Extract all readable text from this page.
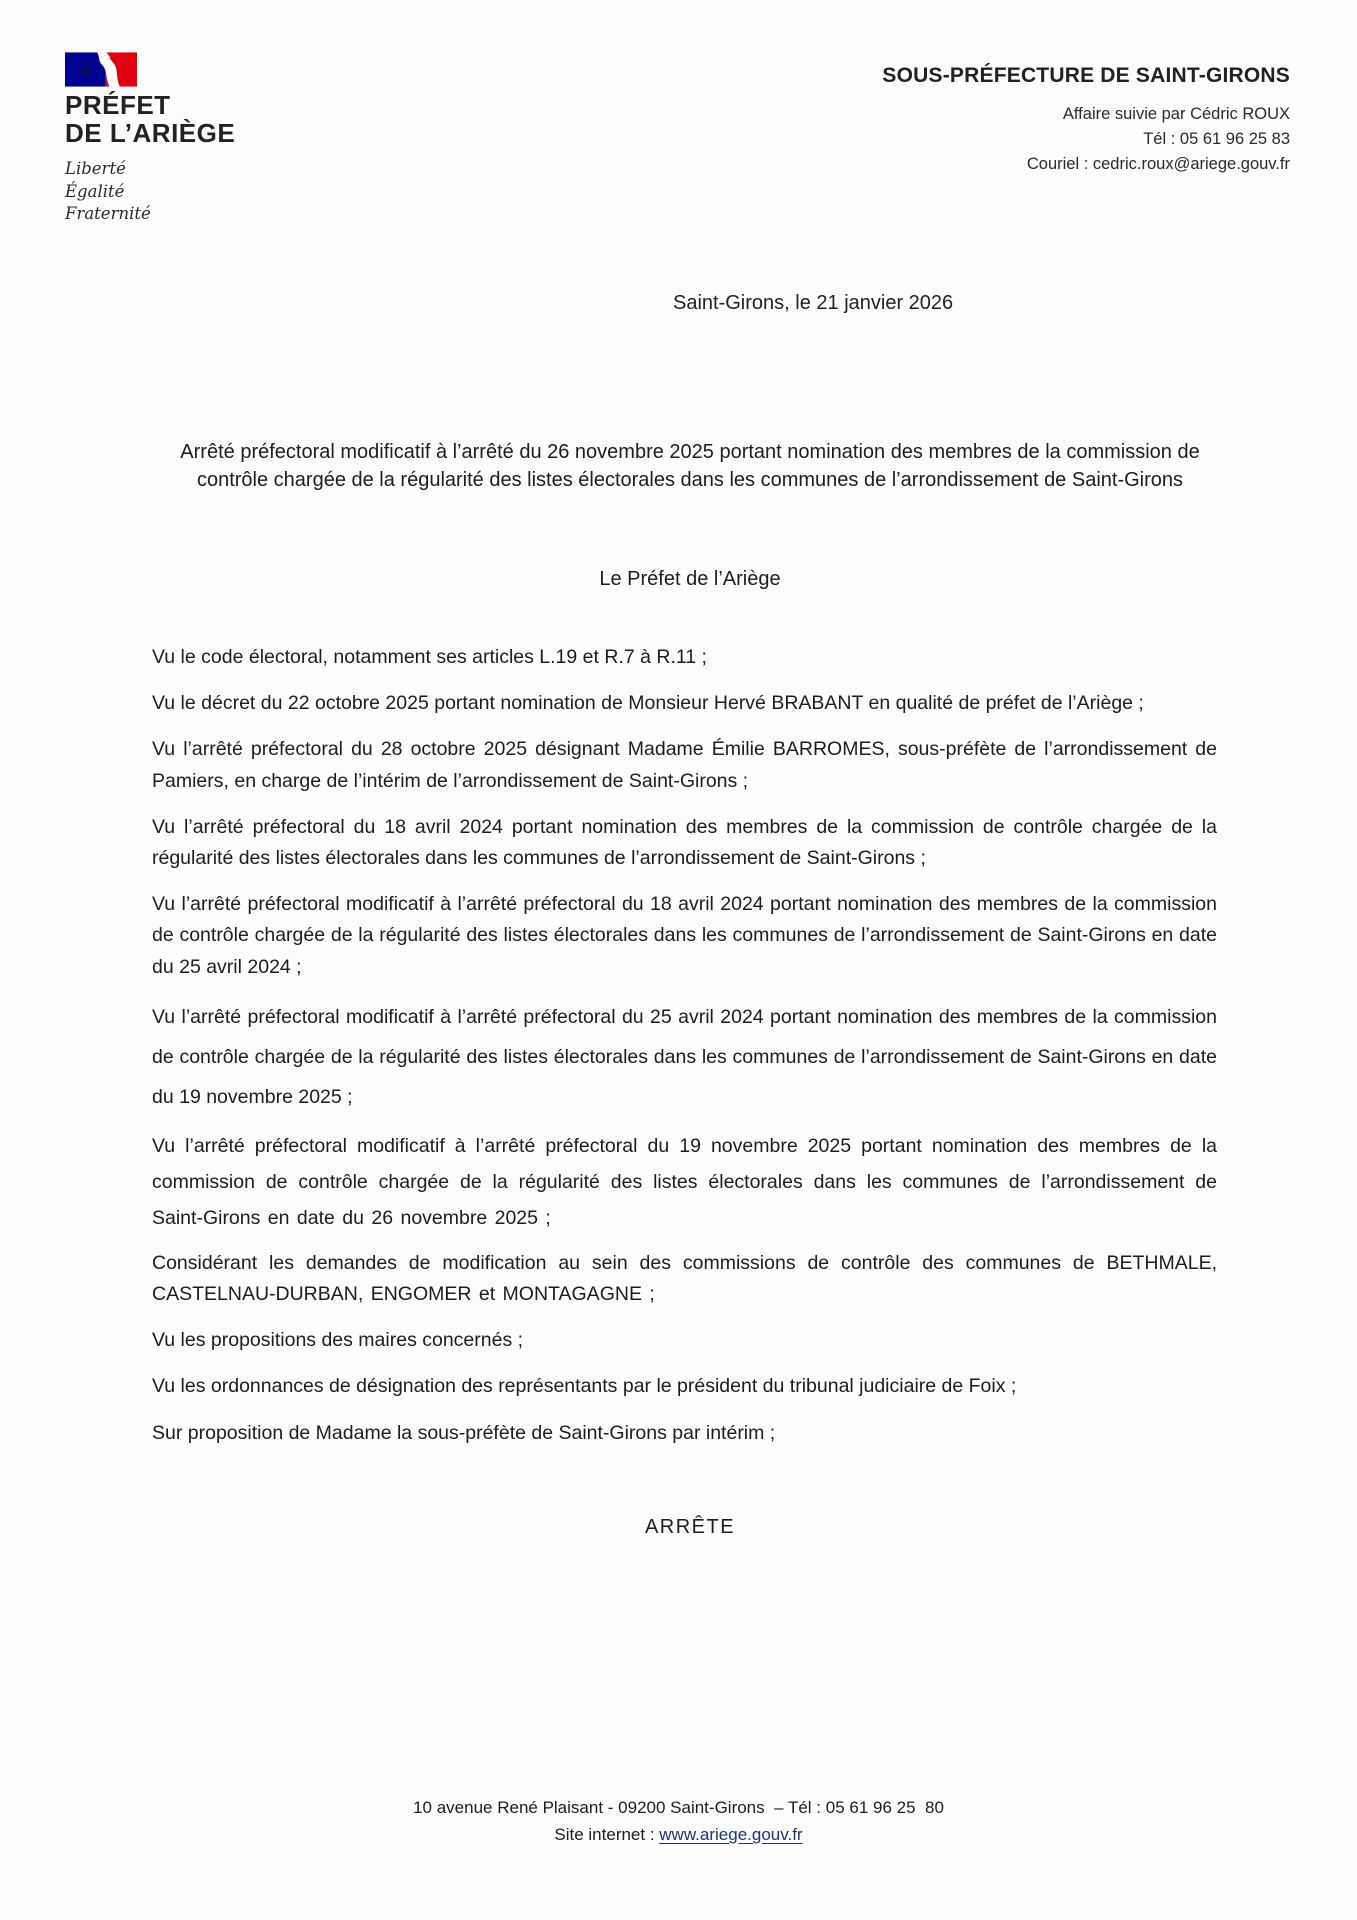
PRÉFET
DE L’ARIÈGE
Liberté
Égalité
Fraternité
SOUS-PRÉFECTURE DE SAINT-GIRONS
Affaire suivie par Cédric ROUX
Tél : 05 61 96 25 83
Couriel : cedric.roux@ariege.gouv.fr
Saint-Girons, le 21 janvier 2026
Arrêté préfectoral modificatif à l’arrêté du 26 novembre 2025 portant nomination des membres de la commission de contrôle chargée de la régularité des listes électorales dans les communes de l’arrondissement de Saint-Girons
Le Préfet de l’Ariège

Vu le code électoral, notamment ses articles L.19 et R.7 à R.11 ;

Vu le décret du 22 octobre 2025 portant nomination de Monsieur Hervé BRABANT en qualité de préfet de l’Ariège ;

Vu l’arrêté préfectoral du 28 octobre 2025 désignant Madame Émilie BARROMES, sous-préfète de l’arrondissement de Pamiers, en charge de l’intérim de l’arrondissement de Saint-Girons ;

Vu l’arrêté préfectoral du 18 avril 2024 portant nomination des membres de la commission de contrôle chargée de la régularité des listes électorales dans les communes de l’arrondissement de Saint-Girons ;

Vu l’arrêté préfectoral modificatif à l’arrêté préfectoral du 18 avril 2024 portant nomination des membres de la commission de contrôle chargée de la régularité des listes électorales dans les communes de l’arrondissement de Saint-Girons en date du 25 avril 2024 ;

Vu l’arrêté préfectoral modificatif à l’arrêté préfectoral du 25 avril 2024 portant nomination des membres de la commission de contrôle chargée de la régularité des listes électorales dans les communes de l’arrondissement de Saint-Girons en date du 19 novembre 2025 ;

Vu l’arrêté préfectoral modificatif à l’arrêté préfectoral du 19 novembre 2025 portant nomination des membres de la commission de contrôle chargée de la régularité des listes électorales dans les communes de l’arrondissement de Saint-Girons en date du 26 novembre 2025 ;

Considérant les demandes de modification au sein des commissions de contrôle des communes de BETHMALE, CASTELNAU-DURBAN, ENGOMER et MONTAGAGNE ;

Vu les propositions des maires concernés ;

Vu les ordonnances de désignation des représentants par le président du tribunal judiciaire de Foix ;

Sur proposition de Madame la sous-préfète de Saint-Girons par intérim ;

ARRÊTE
10 avenue René Plaisant - 09200 Saint-Girons  – Tél : 05 61 96 25  80
Site internet : www.ariege.gouv.fr
